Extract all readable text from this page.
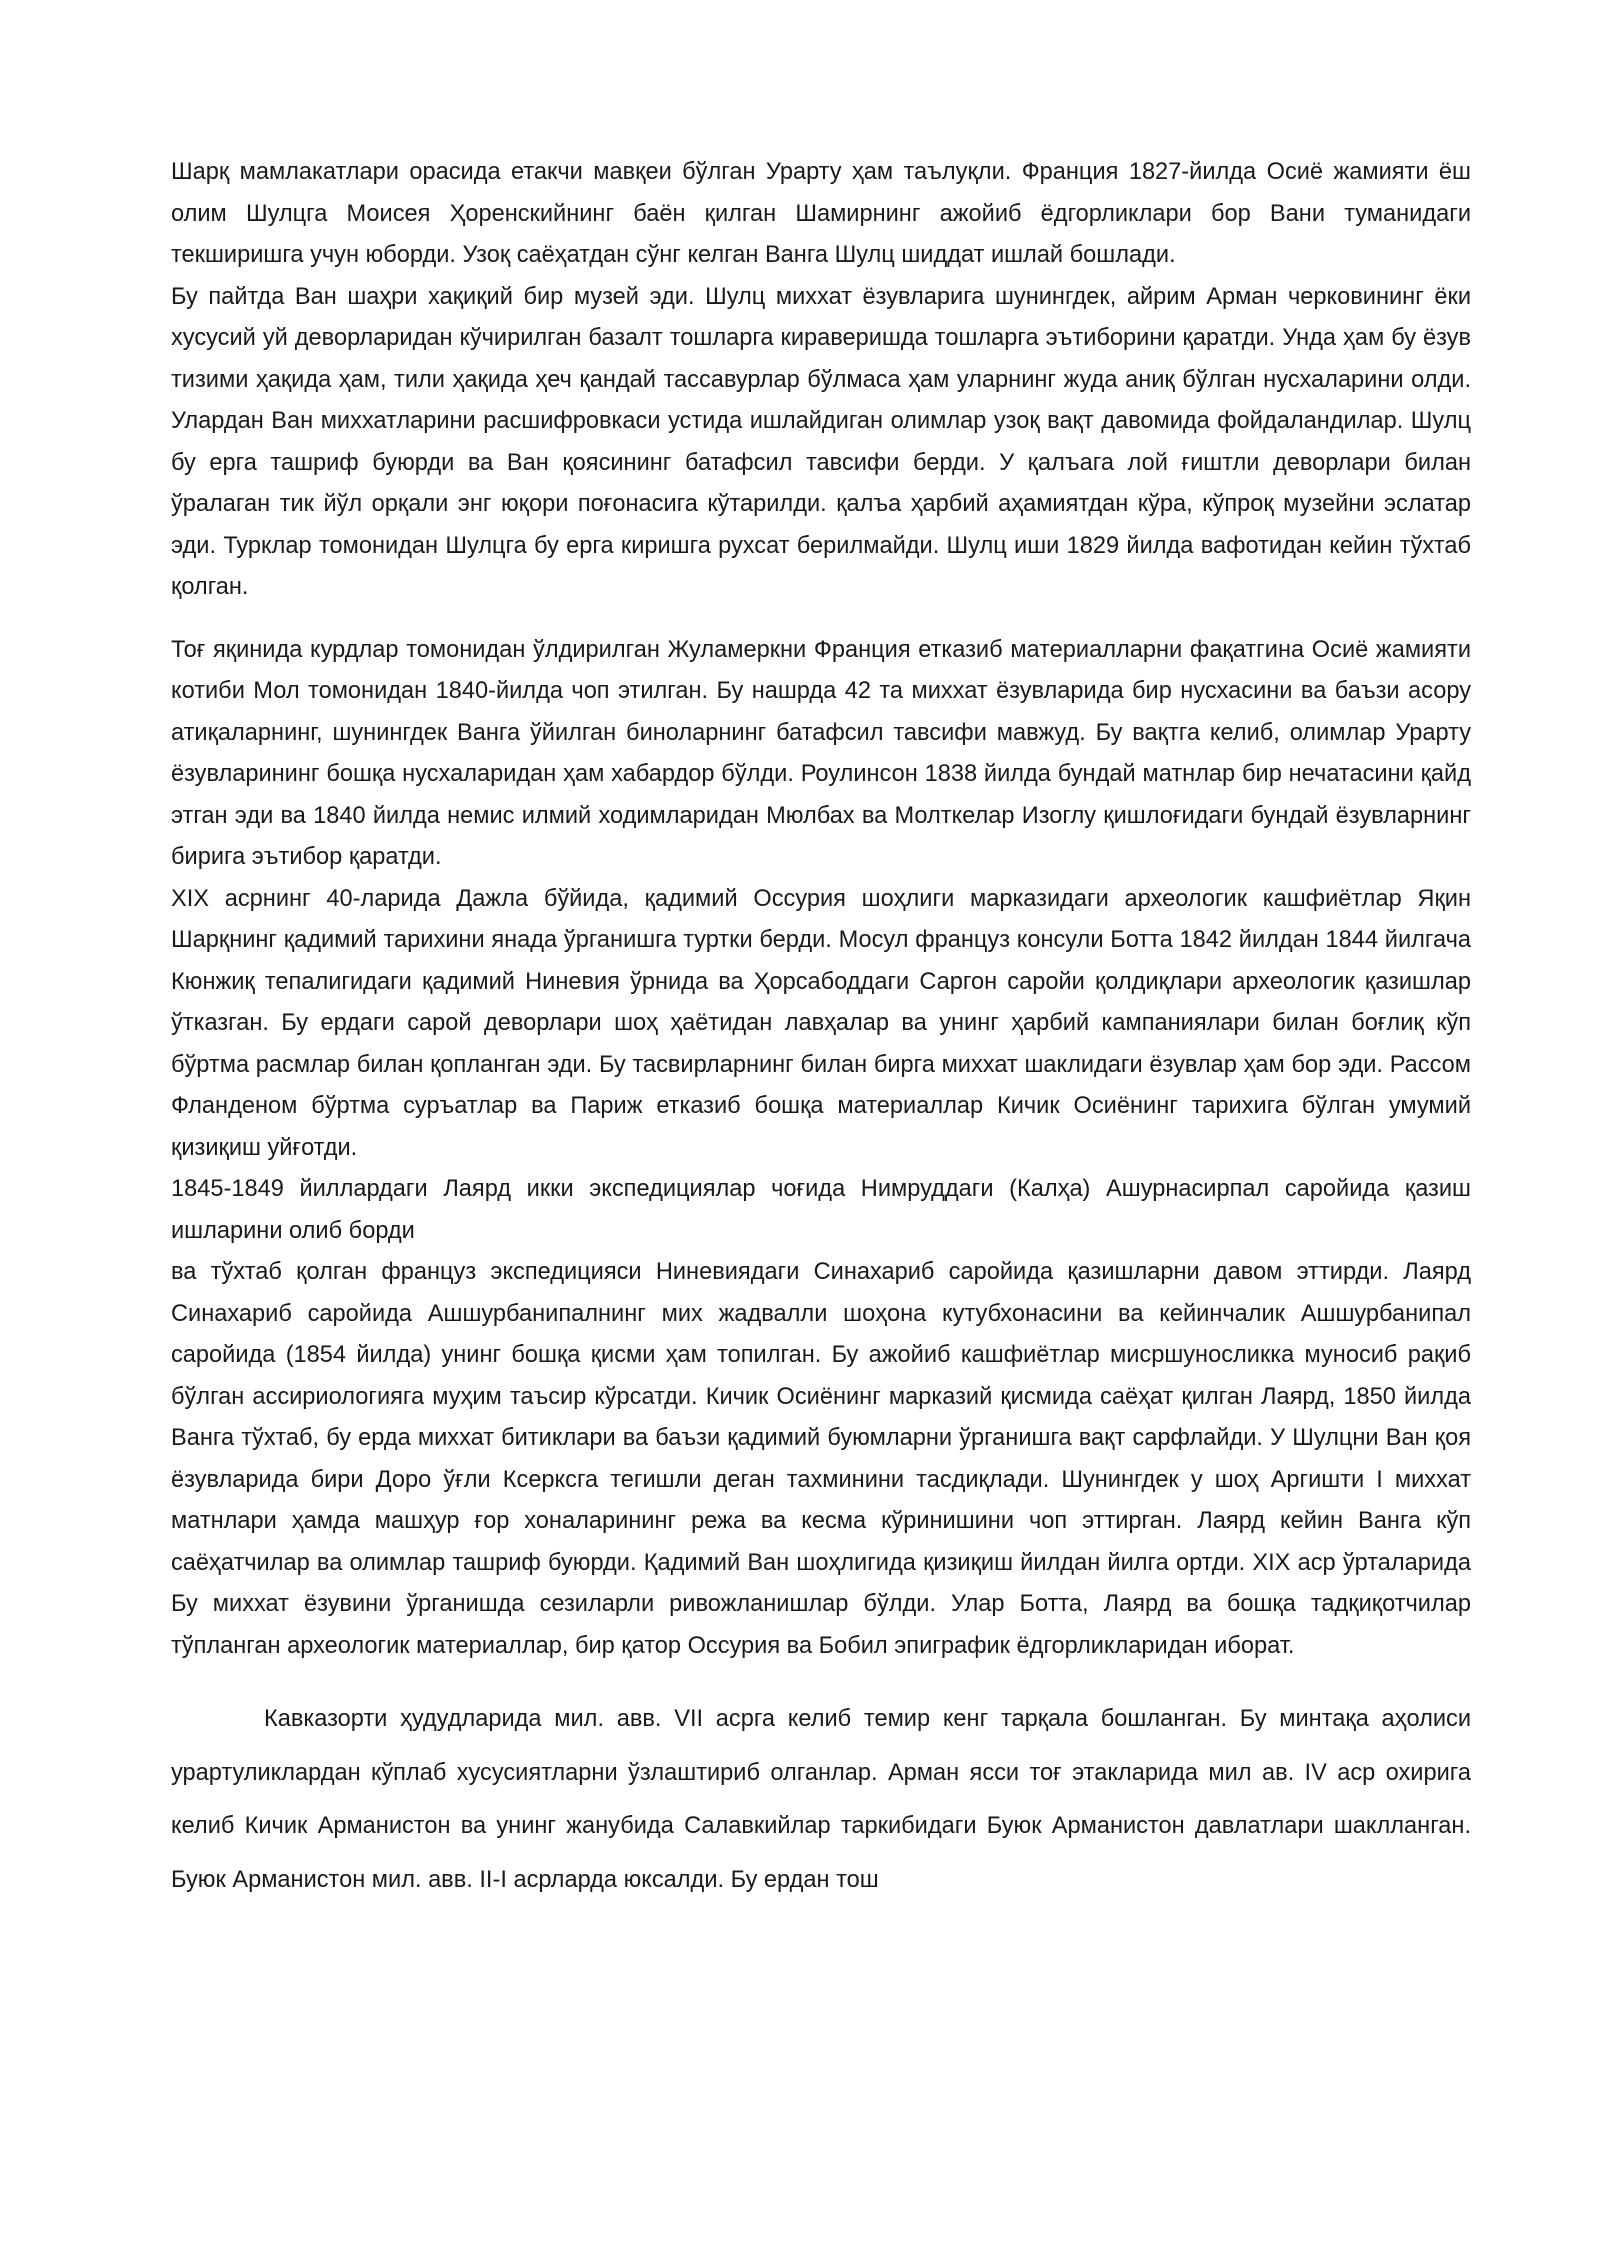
Шарқ мамлакатлари орасида етакчи мавқеи бўлган Урарту ҳам таълуқли. Франция 1827-йилда Осиё жамияти ёш олим Шулцга Моисея Ҳоренскийнинг баён қилган Шамирнинг ажойиб ёдгорликлари бор Вани туманидаги текширишга учун юборди. Узоқ саёҳатдан сўнг келган Ванга Шулц шиддат ишлай бошлади.

Бу пайтда Ван шаҳри хақиқий бир музей эди. Шулц миххат ёзувларига шунингдек, айрим Арман черковининг ёки хусусий уй деворларидан кўчирилган базалт тошларга кираверишда тошларга эътиборини қаратди. Унда ҳам бу ёзув тизими ҳақида ҳам, тили ҳақида ҳеч қандай тассавурлар бўлмаса ҳам уларнинг жуда аниқ бўлган нусхаларини олди. Улардан Ван миххатларини расшифровкаси устида ишлайдиган олимлар узоқ вақт давомида фойдаландилар. Шулц бу ерга ташриф буюрди ва Ван қоясининг батафсил тавсифи берди. У қалъага лой ғиштли деворлари билан ўралаган тик йўл орқали энг юқори поғонасига кўтарилди. қалъа ҳарбий аҳамиятдан кўра, кўпроқ музейни эслатар эди. Турклар томонидан Шулцга бу ерга киришга рухсат берилмайди. Шулц иши 1829 йилда вафотидан кейин тўхтаб қолган.

Тоғ яқинида курдлар томонидан ўлдирилган Жуламеркни Франция етказиб материалларни фақатгина Осиё жамияти котиби Мол томонидан 1840-йилда чоп этилган. Бу нашрда 42 та миххат ёзувларида бир нусхасини ва баъзи асору атиқаларнинг, шунингдек Ванга ўйилган биноларнинг батафсил тавсифи мавжуд. Бу вақтга келиб, олимлар Урарту ёзувларининг бошқа нусхаларидан ҳам хабардор бўлди. Роулинсон 1838 йилда бундай матнлар бир нечатасини қайд этган эди ва 1840 йилда немис илмий ходимларидан Мюлбах ва Молткелар Изоглу қишлоғидаги бундай ёзувларнинг бирига эътибор қаратди.

XIX асрнинг 40-ларида Дажла бўйида, қадимий Оссурия шоҳлиги марказидаги археологик кашфиётлар Яқин Шарқнинг қадимий тарихини янада ўрганишга туртки берди. Мосул француз консули Ботта 1842 йилдан 1844 йилгача Кюнжиқ тепалигидаги қадимий Ниневия ўрнида ва Ҳорсабоддаги Саргон саройи қолдиқлари археологик қазишлар ўтказган. Бу ердаги сарой деворлари шоҳ ҳаётидан лавҳалар ва унинг ҳарбий кампаниялари билан боғлиқ кўп бўртма расмлар билан қопланган эди. Бу тасвирларнинг билан бирга миххат шаклидаги ёзувлар ҳам бор эди. Рассом Фланденом бўртма суръатлар ва Париж етказиб бошқа материаллар Кичик Осиёнинг тарихига бўлган умумий қизиқиш уйғотди.

1845-1849 йиллардаги Лаярд икки экспедициялар чоғида Нимруддаги (Калҳа) Ашурнасирпал саройида қазиш ишларини олиб борди

ва тўхтаб қолган француз экспедицияси Ниневиядаги Синахариб саройида қазишларни давом эттирди. Лаярд Синахариб саройида Ашшурбанипалнинг мих жадвалли шоҳона кутубхонасини ва кейинчалик Ашшурбанипал саройида (1854 йилда) унинг бошқа қисми ҳам топилган. Бу ажойиб кашфиётлар мисршуносликка муносиб рақиб бўлган ассириологияга муҳим таъсир кўрсатди. Кичик Осиёнинг марказий қисмида саёҳат қилган Лаярд, 1850 йилда Ванга тўхтаб, бу ерда миххат битиклари ва баъзи қадимий буюмларни ўрганишга вақт сарфлайди. У Шулцни Ван қоя ёзувларида бири Доро ўғли Ксерксга тегишли деган тахминини тасдиқлади. Шунингдек у шоҳ Аргишти I миххат матнлари ҳамда машҳур ғор хоналарининг режа ва кесма кўринишини чоп эттирган. Лаярд кейин Ванга кўп саёҳатчилар ва олимлар ташриф буюрди. Қадимий Ван шоҳлигида қизиқиш йилдан йилга ортди. XIX аср ўрталарида Бу миххат ёзувини ўрганишда сезиларли ривожланишлар бўлди. Улар Ботта, Лаярд ва бошқа тадқиқотчилар тўпланган археологик материаллар, бир қатор Оссурия ва Бобил эпиграфик ёдгорликларидан иборат.

Кавказорти ҳудудларида мил. авв. VII асрга келиб темир кенг тарқала бошланган. Бу минтақа аҳолиси урартуликлардан кўплаб хусусиятларни ўзлаштириб олганлар. Арман ясси тоғ этакларида мил ав. IV аср охирига келиб Кичик Арманистон ва унинг жанубида Салавкийлар таркибидаги Буюк Арманистон давлатлари шаклланган. Буюк Арманистон мил. авв. II-I асрларда юксалди. Бу ердан тош
